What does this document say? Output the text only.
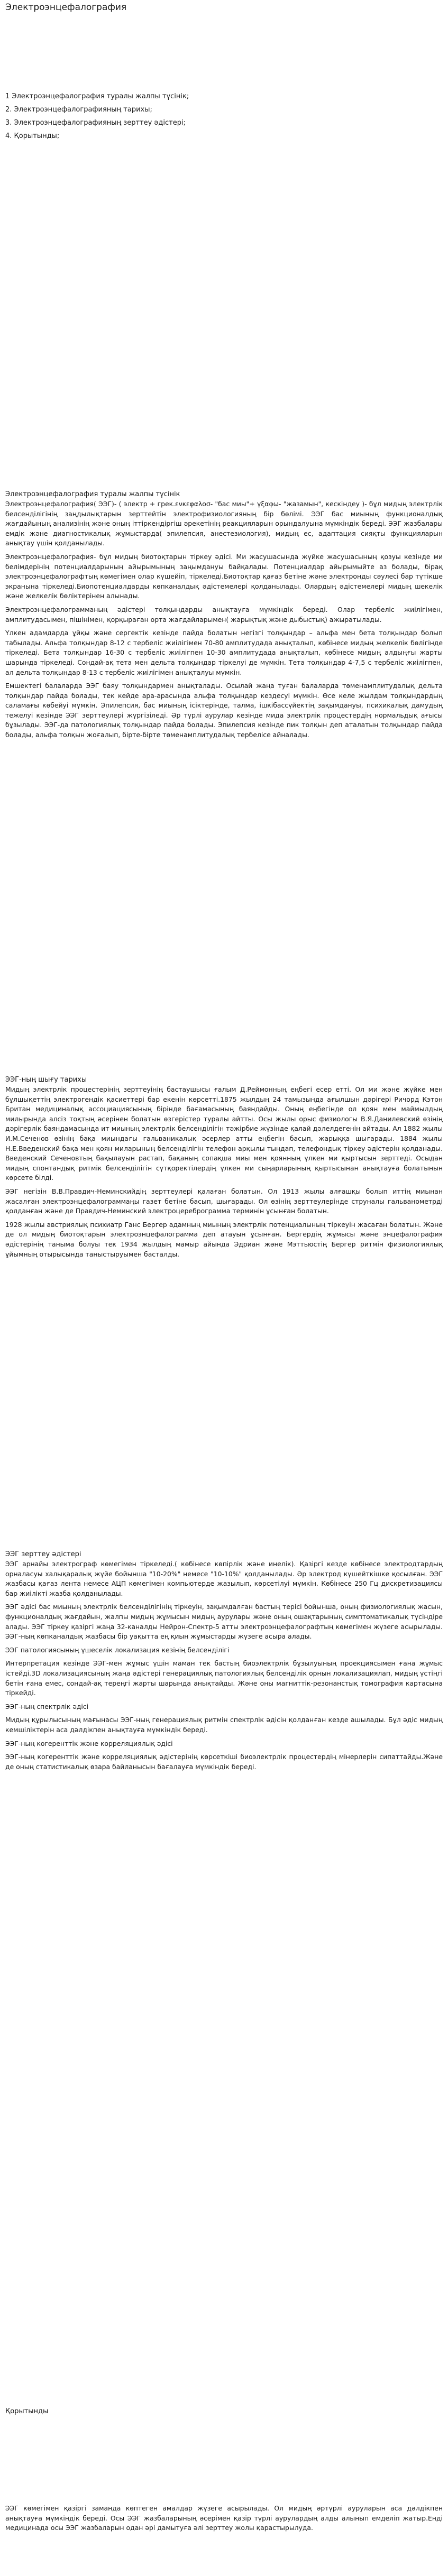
Электроэнцефалография
1 Электроэнцефалография туралы жалпы түсінік;
2. Электроэнцефалографияның тарихы;
3. Электроэнцефалографияның зерттеу әдістері;
4. Қорытынды;
Электроэнцефалография туралы жалпы түсінік

Электроэнцефалография( ЭЭГ)- ( электр + грек.ενκεφαλοσ- "бас миы"+ γξαφω- "жазамын", кескіндеу )- бұл мидың электрлік белсенділігінің заңдылықтарын зерттейтін электрофизиологияның бір бөлімі. ЭЭГ бас миының функционалдық жағдайының анализінің және оның іттіркендіргіш әрекетінің реакцияларын орындалуына мүмкіндік береді. ЭЭГ жазбалары емдік және диагностикалық жұмыстарда( эпилепсия, анестезиология), мидың ес, адаптация сияқты функцияларын анықтау үшін қолданылады.

Электроэнцефалография- бұл мидың биотоқтарын тіркеу әдісі. Ми жасушасында жүйке жасушасының қозуы кезінде ми белімдерінің потенциалдарының айырымының заңымдануы байқалады. Потенциалдар айырымыйте аз болады, бірақ электроэнцефалографтың көмегімен олар күшейіп, тіркеледі.Биотоқтар қағаз бетіне және электронды сәулесі бар түтікше экранына тіркеледі.Биопотенциалдарды көпканалдық әдістемелері қолданылады. Олардың әдістемелері мидың шекелік және желкелік бөліктерінен алынады.

Электроэнцефалограмманың әдістері толқындарды анықтауға мүмкіндік береді. Олар тербеліс жиілігімен, амплитудасымен, пішінімен, қорқыраған орта жағдайларымен( жарықтық және дыбыстық) ажыратылады.

Үлкен адамдарда ұйқы және сергектік кезінде пайда болатын негізгі толқындар – альфа мен бета толқындар болып табылады. Альфа толқындар 8-12 с тербеліс жиілігімен 70-80 амплитудада анықталып, көбінесе мидың желкелік бөлігінде тіркеледі. Бета толқындар 16-30 с тербеліс жиілігпен 10-30 амплитудада анықталып, көбінесе мидың алдыңғы жарты шарында тіркеледі. Сондай-ақ тета мен дельта толқындар тіркелуі де мүмкін. Тета толқындар 4-7,5 с тербеліс жиілігпен, ал дельта толқындар 8-13 с тербеліс жиілігімен анықталуы мүмкін.

Емшектегі балаларда ЭЭГ баяу толқындармен анықталады. Осылай жаңа туған балаларда төменамплитудалық дельта толқындар пайда болады, тек кейде ара-арасында альфа толқындар кездесуі мүмкін. Өсе келе жылдам толқындардың саламағы көбейуі мүмкін. Эпилепсия, бас миының ісіктерінде, талма, ішкібассүйектің зақымдануы, психикалық дамудың тежелуі кезінде ЭЭГ зерттеулері жүргізіледі. Әр түрлі аурулар кезінде мида электрлік процестердің нормальдық ағысы бұзылады. ЭЭГ-да патологиялық толқындар пайда болады. Эпилепсия кезінде пик толқын деп аталатын толқындар пайда болады, альфа толқын жоғалып, бірте-бірте төменамплитудалық тербелісе айналады.

ЭЭГ-ның шығу тарихы

Мидың электрлік процестерінің зерттеуінің бастаушысы ғалым Д.Реймонның еңбегі есер етті. Ол ми және жүйке мен бұлшықеттің электрогендік қасиеттері бар екенін көрсетті.1875 жылдың 24 тамызында ағылшын дәрігері Ричорд Кэтон Британ медициналық ассоциациясының бірінде бағамасының баяндайды. Оның еңбегінде ол қоян мен маймылдың милырында алсіз тоқтың әсерінен болатын өзгерістер туралы айтты. Осы жылы орыс физиологы В.Я.Данилевский өзінің дәрігерлік баяндамасында ит миының электрлік белсенділігін тәжірбие жүзінде қалай дәлелдегенін айтады. Ал 1882 жылы И.М.Сеченов өзінің бақа миындағы гальваникалық әсерлер атты еңбегін басып, жарыққа шығарады. 1884 жылы Н.Е.Введенский бақа мен қоян миларының белсенділігін телефон арқылы тыңдап, телефондық тіркеу әдістерін қолданады. Введенский Сеченовтың бақылауын растап, бақаның сопақша миы мен қоянның үлкен ми қыртысын зерттеді. Осыдан мидың спонтандық ритмік белсенділігін сүтқоректілердің үлкен ми сыңарларының қыртысынан анықтауға болатынын көрсете білді.

ЭЭГ негізін В.В.Правдич-Неминскийдің зерттеулері қалаған болатын. Ол 1913 жылы алғашқы болып иттің миынан жасалған электроэнцефалограммаңы газет бетіне басып, шығарады. Ол өзінің зерттеулерінде струналы гальванометрді қолданған және де Правдич-Неминский электроцереброграмма терминін ұсынған болатын.

1928 жылы австриялық психиатр Ганс Бергер адамның миының электрлік потенциалының тіркеуін жасаған болатын. Және де ол мидың биотоқтарын электроэнцефалограмма деп атауын ұсынған. Бергердің жұмысы және энцефалография әдістерінің таныма болуы тек 1934 жылдың мамыр айында Эдриан және Мэттьюстің Бергер ритмін физиологиялық ұйымның отырысында таныстыруымен басталды.

ЭЭГ зерттеу әдістері

ЭЭГ арнайы электрограф көмегімен тіркеледі.( көбінесе көпірлік және инелік). Қазіргі кезде көбінесе электродтардың орналасуы халықаралық жүйе бойынша "10-20%" немесе "10-10%" қолданылады. Әр электрод күшейткішке қосылған. ЭЭГ жазбасы қағаз лента немесе АЦП көмегімен компьютерде жазылып, көрсетілуі мүмкін. Көбінесе 250 Гц дискретизациясы бар жиілікті жазба қолданылады.

ЭЭГ әдісі бас миының электрлік белсенділігінің тіркеуін, зақымдалған бастың терісі бойынша, оның физиологиялық жасын, функционалдық жағдайын, жалпы мидың жұмысын мидың аурулары және оның ошақтарының симптоматикалық түсіндіре алады. ЭЭГ тіркеу қазіргі жаңа 32-каналды Нейрон-Спектр-5 атты электроэнцефалографтың көмегімен жүзеге асырылады. ЭЭГ-ның көпканалдық жазбасы бір уақытта ең қиын жұмыстарды жүзеге асыра алады.

ЭЭГ патологиясының үшеселік локализация кезінің белсенділігі

Интерпретация кезінде ЭЭГ-мен жұмыс үшін маман тек бастың биоэлектрлік бұзылуының проекциясымен ғана жұмыс істейді.3D локализациясының жаңа әдістері генерациялық патологиялық белсенділік орнын локализациялап, мидың үстіңгі бетін ғана емес, сондай-ақ тереңгі жарты шарында анықтайды. Және оны магниттік-резонанстық томография картасына тіркейді.

ЭЭГ-ның спектрлік әдісі

Мидың құрылысының мағынасы ЭЭГ-ның генерациялық ритмін спектрлік әдісін қолданған кезде ашылады. Бұл әдіс мидың кемшіліктерін аса дәлдікпен анықтауға мүмкіндік береді.

ЭЭГ-ның когеренттік және корреляциялық әдісі

ЭЭГ-ның когеренттік және корреляциялық әдістерінің көрсеткіші биоэлектрлік процестердің мінерлерін сипаттайды.Және де оның статистикалық өзара байланысын бағалауға мүмкіндік береді.

Қорытынды

ЭЭГ көмегімен қазіргі заманда көптеген амалдар жүзеге асырылады. Ол мидың әртүрлі ауруларын аса дәлдікпен анықтауға мүмкіндік береді. Осы ЭЭГ жазбаларының әсерімен қазір түрлі аурулардың алды алынып емделіп жатыр.Енді медицинада осы ЭЭГ жазбаларын одан әрі дамытуға әлі зерттеу жолы қарастырылуда.
